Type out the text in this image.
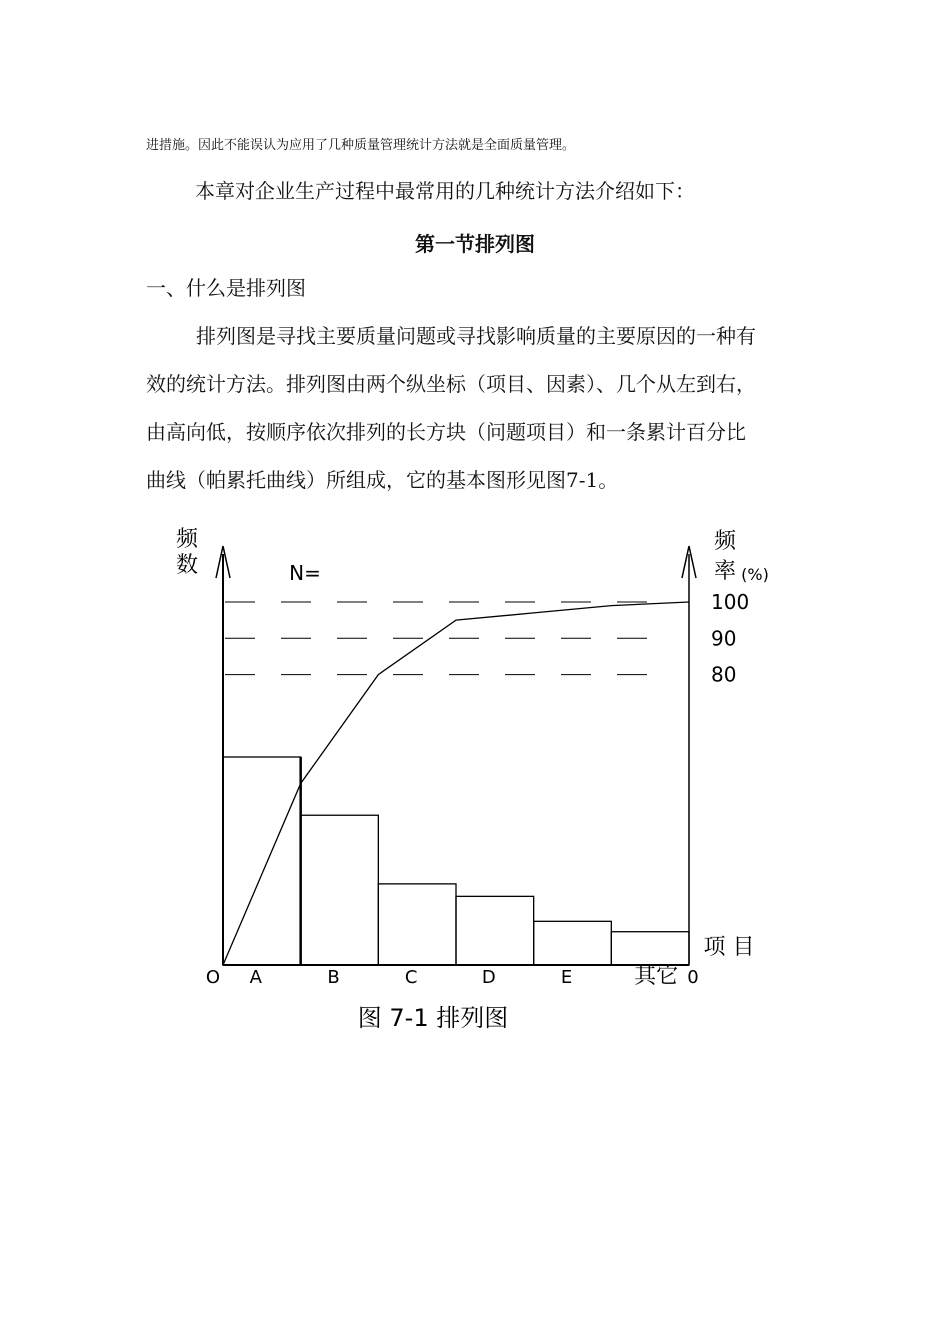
进措施。因此不能误认为应用了几种质量管理统计方法就是全面质量管理。

本章对企业生产过程中最常用的几种统计方法介绍如下：

第一节排列图

一、什么是排列图

排列图是寻找主要质量问题或寻找影响质量的主要原因的一种有

效的统计方法。排列图由两个纵坐标（项目、因素）、几个从左到右，

由高向低，按顺序依次排列的长方块（问题项目）和一条累计百分比

曲线（帕累托曲线）所组成，它的基本图形见图7-1。

频
数
频
率 (%)
N=
100
90
80
项 目
O	0
A	B	C	D	E	其它
图 7-1 排列图
